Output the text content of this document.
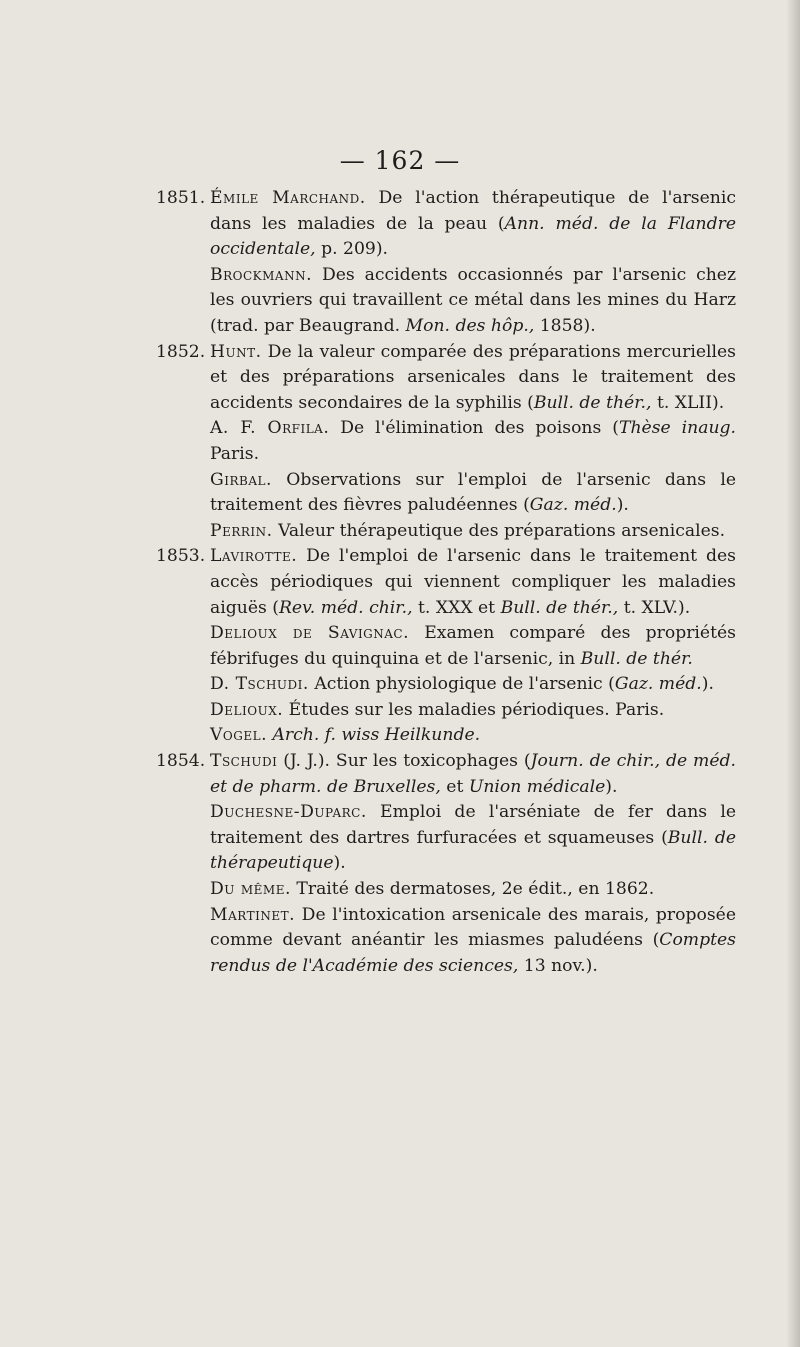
— 162 —
1851. Émile Marchand. De l'action thérapeutique de l'arsenic dans les maladies de la peau (Ann. méd. de la Flandre occidentale, p. 209).
Brockmann. Des accidents occasionnés par l'arsenic chez les ouvriers qui travaillent ce métal dans les mines du Harz (trad. par Beaugrand. Mon. des hôp., 1858).
1852. Hunt. De la valeur comparée des préparations mercurielles et des préparations arsenicales dans le traitement des accidents secondaires de la syphilis (Bull. de thér., t. XLII).
A. F. Orfila. De l'élimination des poisons (Thèse inaug. Paris.
Girbal. Observations sur l'emploi de l'arsenic dans le traitement des fièvres paludéennes (Gaz. méd.).
Perrin. Valeur thérapeutique des préparations arsenicales.
1853. Lavirotte. De l'emploi de l'arsenic dans le traitement des accès périodiques qui viennent compliquer les maladies aiguës (Rev. méd. chir., t. XXX et Bull. de thér., t. XLV.).
Delioux de Savignac. Examen comparé des propriétés fébrifuges du quinquina et de l'arsenic, in Bull. de thér.
D. Tschudi. Action physiologique de l'arsenic (Gaz. méd.).
Delioux. Études sur les maladies périodiques. Paris.
Vogel. Arch. f. wiss Heilkunde.
1854. Tschudi (J. J.). Sur les toxicophages (Journ. de chir., de méd. et de pharm. de Bruxelles, et Union médicale).
Duchesne-Duparc. Emploi de l'arséniate de fer dans le traitement des dartres furfuracées et squameuses (Bull. de thérapeutique).
Du même. Traité des dermatoses, 2e édit., en 1862.
Martinet. De l'intoxication arsenicale des marais, proposée comme devant anéantir les miasmes paludéens (Comptes rendus de l'Académie des sciences, 13 nov.).
